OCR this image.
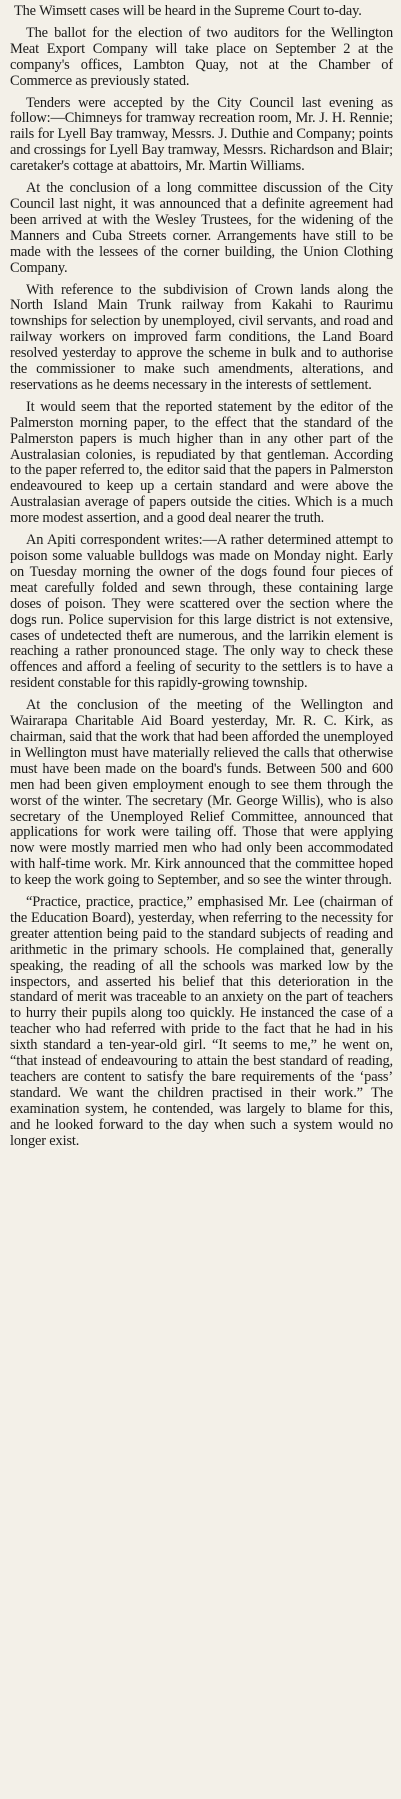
The Wimsett cases will be heard in the Supreme Court to-day.

The ballot for the election of two auditors for the Wellington Meat Export Company will take place on September 2 at the company's offices, Lambton Quay, not at the Chamber of Commerce as previously stated.

Tenders were accepted by the City Council last evening as follow:—Chimneys for tramway recreation room, Mr. J. H. Rennie; rails for Lyell Bay tramway, Messrs. J. Duthie and Company; points and crossings for Lyell Bay tramway, Messrs. Richardson and Blair; caretaker's cottage at abattoirs, Mr. Martin Williams.

At the conclusion of a long committee discussion of the City Council last night, it was announced that a definite agreement had been arrived at with the Wesley Trustees, for the widening of the Manners and Cuba Streets corner. Arrangements have still to be made with the lessees of the corner building, the Union Clothing Company.

With reference to the subdivision of Crown lands along the North Island Main Trunk railway from Kakahi to Raurimu townships for selection by unemployed, civil servants, and road and railway workers on improved farm conditions, the Land Board resolved yesterday to approve the scheme in bulk and to authorise the commissioner to make such amendments, alterations, and reservations as he deems necessary in the interests of settlement.

It would seem that the reported statement by the editor of the Palmerston morning paper, to the effect that the standard of the Palmerston papers is much higher than in any other part of the Australasian colonies, is repudiated by that gentleman. According to the paper referred to, the editor said that the papers in Palmerston endeavoured to keep up a certain standard and were above the Australasian average of papers outside the cities. Which is a much more modest assertion, and a good deal nearer the truth.

An Apiti correspondent writes:—A rather determined attempt to poison some valuable bulldogs was made on Monday night. Early on Tuesday morning the owner of the dogs found four pieces of meat carefully folded and sewn through, these containing large doses of poison. They were scattered over the section where the dogs run. Police supervision for this large district is not extensive, cases of undetected theft are numerous, and the larrikin element is reaching a rather pronounced stage. The only way to check these offences and afford a feeling of security to the settlers is to have a resident constable for this rapidly-growing township.

At the conclusion of the meeting of the Wellington and Wairarapa Charitable Aid Board yesterday, Mr. R. C. Kirk, as chairman, said that the work that had been afforded the unemployed in Wellington must have materially relieved the calls that otherwise must have been made on the board's funds. Between 500 and 600 men had been given employment enough to see them through the worst of the winter. The secretary (Mr. George Willis), who is also secretary of the Unemployed Relief Committee, announced that applications for work were tailing off. Those that were applying now were mostly married men who had only been accommodated with half-time work. Mr. Kirk announced that the committee hoped to keep the work going to September, and so see the winter through.

“Practice, practice, practice,” emphasised Mr. Lee (chairman of the Education Board), yesterday, when referring to the necessity for greater attention being paid to the standard subjects of reading and arithmetic in the primary schools. He complained that, generally speaking, the reading of all the schools was marked low by the inspectors, and asserted his belief that this deterioration in the standard of merit was traceable to an anxiety on the part of teachers to hurry their pupils along too quickly. He instanced the case of a teacher who had referred with pride to the fact that he had in his sixth standard a ten-year-old girl. “It seems to me,” he went on, “that instead of endeavouring to attain the best standard of reading, teachers are content to satisfy the bare requirements of the ‘pass’ standard. We want the children practised in their work.” The examination system, he contended, was largely to blame for this, and he looked forward to the day when such a system would no longer exist.
